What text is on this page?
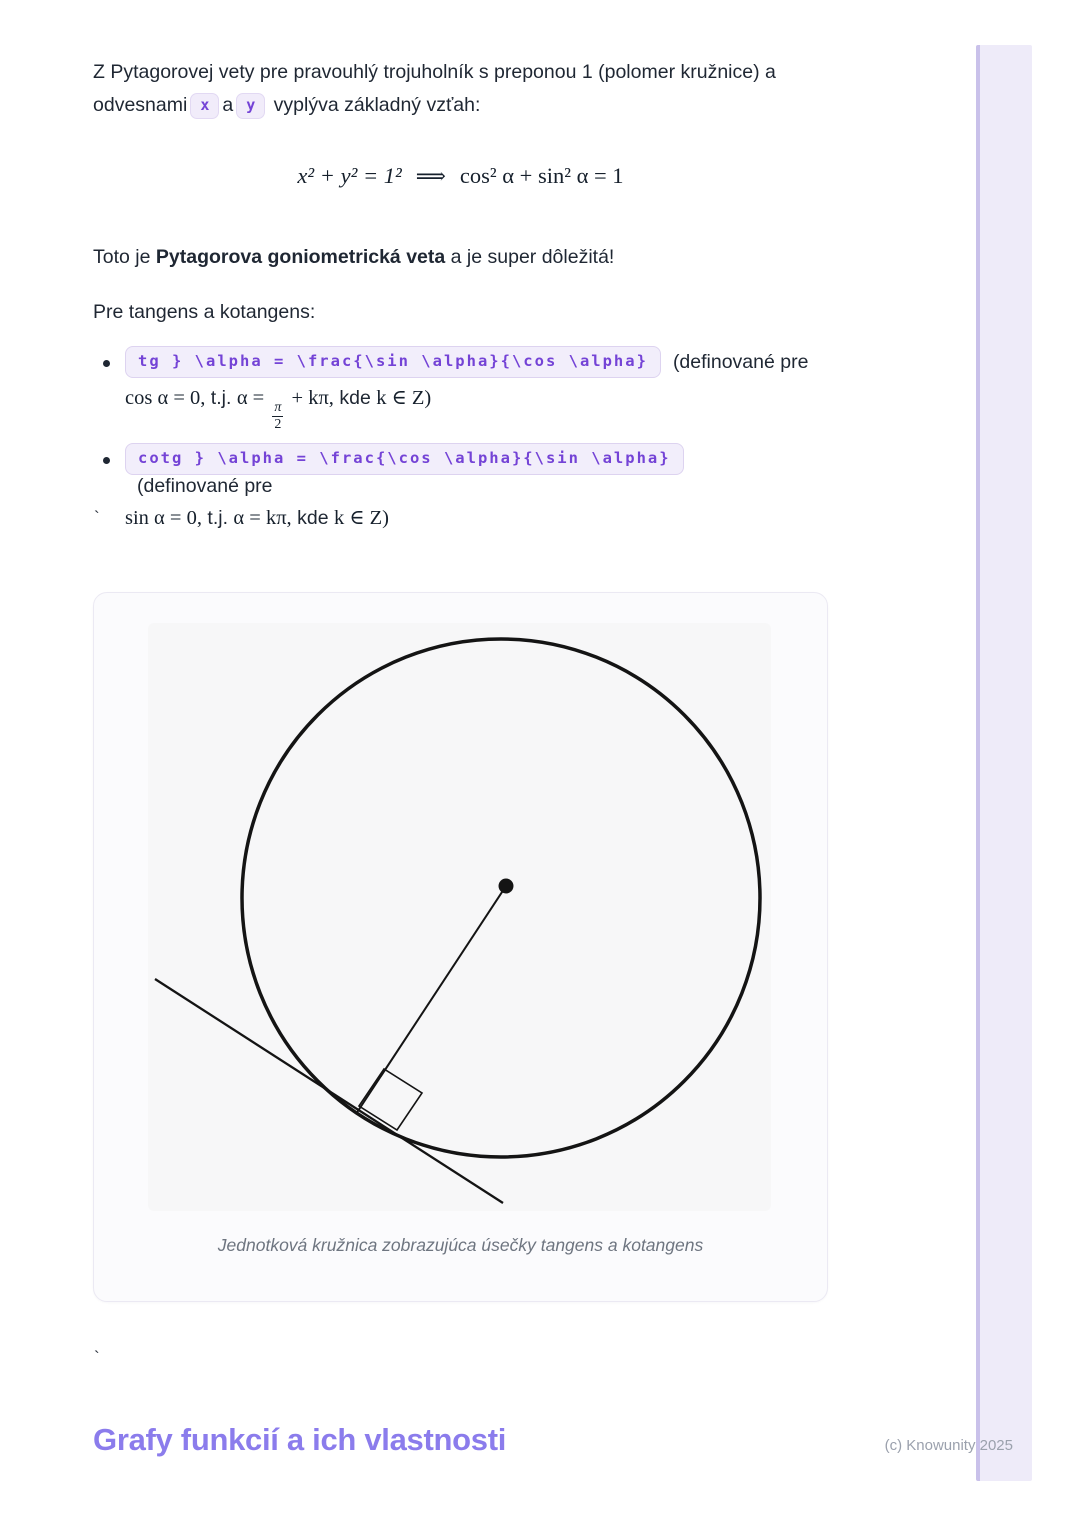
Z Pytagorovej vety pre pravouhlý trojuholník s preponou 1 (polomer kružnice) a odvesnami x a y vyplýva základný vzťah:

x² + y² = 1² ⟹ cos² α + sin² α = 1

Toto je Pytagorova goniometrická veta a je super dôležitá!

Pre tangens a kotangens:

tg } \alpha = \frac{\sin \alpha}{\cos \alpha}	(definované pre
cos α = 0, t.j. α =
$\frac{\pi}{2}$
+ kπ, kde k ∈ Z)
cotg } \alpha = \frac{\cos \alpha}{\sin \alpha}
(definované pre
sin α = 0, t.j. α = kπ, kde k ∈ Z)
`
Jednotková kružnica zobrazujúca úsečky tangens a kotangens
`
Grafy funkcií a ich vlastnosti	(c) Knowunity 2025
